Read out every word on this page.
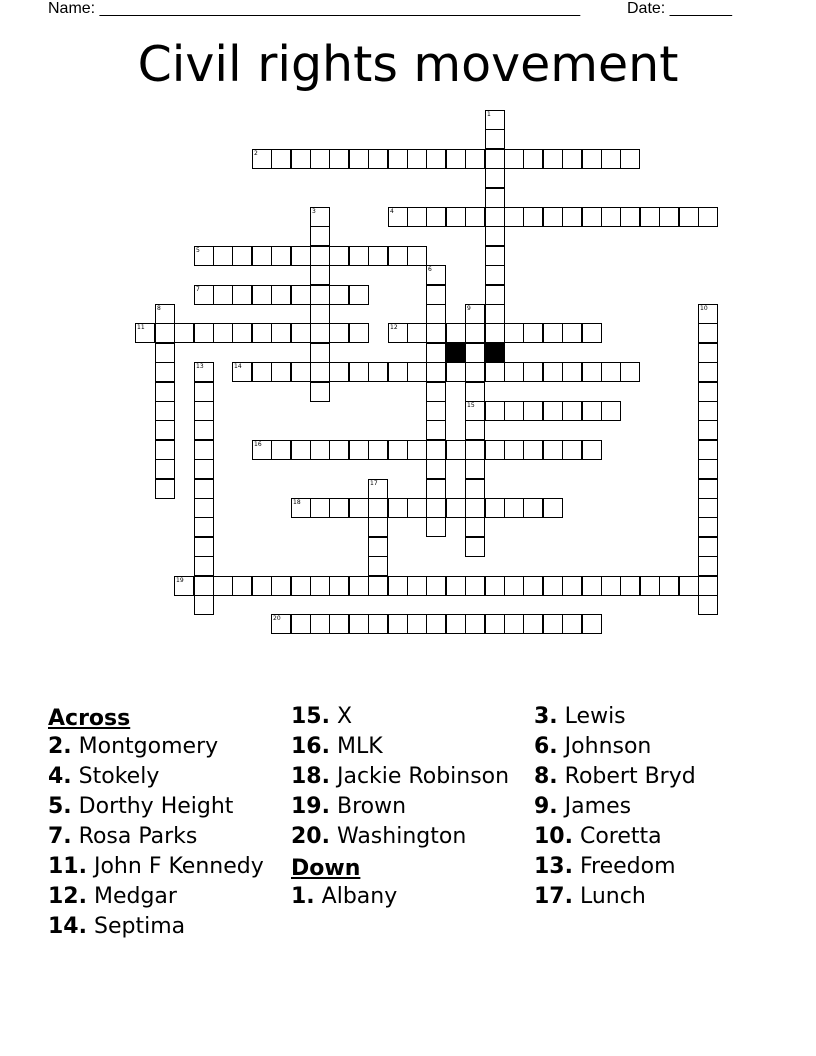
Name: ______________________________________________________	Date: _______
Civil rights movement
1
2
3	4
5
6
7
8	9	10
11	12
13	14
15
16
17
18
19
20
Across
2. Montgomery
4. Stokely
5. Dorthy Height
7. Rosa Parks
11. John F Kennedy
12. Medgar
14. Septima
15. X
16. MLK
18. Jackie Robinson
19. Brown
20. Washington
Down
1. Albany
3. Lewis
6. Johnson
8. Robert Bryd
9. James
10. Coretta
13. Freedom
17. Lunch
